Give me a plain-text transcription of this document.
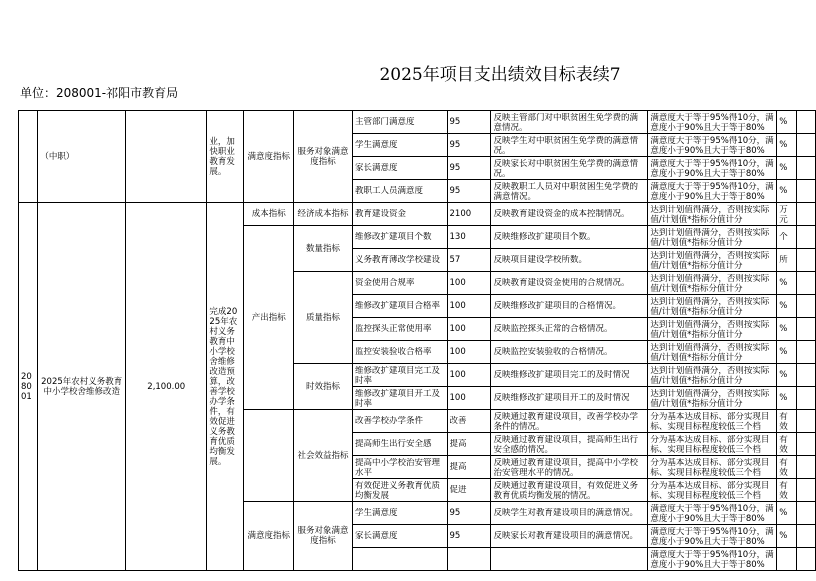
2025年项目支出绩效目标表续7
单位：208001-祁阳市教育局

	（中职）		业，加快职业教育发展。	满意度指标	服务对象满意度指标	主管部门满意度	95	反映主管部门对中职贫困生免学费的满意情况。	满意度大于等于95%得10分，满意度小于90%且大于等于80%	%	

						学生满意度	95	反映学生对中职贫困生免学费的满意情况。	满意度大于等于95%得10分，满意度小于90%且大于等于80%	%	

						家长满意度	95	反映家长对中职贫困生免学费的满意情况。	满意度大于等于95%得10分，满意度小于90%且大于等于80%	%	

						教职工人员满意度	95	反映教职工人员对中职贫困生免学费的满意情况。	满意度大于等于95%得10分，满意度小于90%且大于等于80%	%	

208001	2025年农村义务教育中小学校舍维修改造	2,100.00	完成2025年农村义务教育中小学校舍维修改造预算，改善学校办学条件，有效促进义务教育优质均衡发展。	成本指标	经济成本指标	教育建设资金	2100	反映教育建设资金的成本控制情况。	达到计划值得满分，否则按实际值/计划值*指标分值计分	万元	

				产出指标	数量指标	维修改扩建项目个数	130	反映维修改扩建项目个数。	达到计划值得满分，否则按实际值/计划值*指标分值计分	个	

						义务教育薄改学校建设	57	反映项目建设学校所数。	达到计划值得满分，否则按实际值/计划值*指标分值计分	所	

					质量指标	资金使用合规率	100	反映教育建设资金使用的合规情况。	达到计划值得满分，否则按实际值/计划值*指标分值计分	%	

						维修改扩建项目合格率	100	反映维修改扩建项目的合格情况。	达到计划值得满分，否则按实际值/计划值*指标分值计分	%	

						监控探头正常使用率	100	反映监控探头正常的合格情况。	达到计划值得满分，否则按实际值/计划值*指标分值计分	%	

						监控安装验收合格率	100	反映监控安装验收的合格情况。	达到计划值得满分，否则按实际值/计划值*指标分值计分	%	

					时效指标	维修改扩建项目完工及时率	100	反映维修改扩建项目完工的及时情况	达到计划值得满分，否则按实际值/计划值*指标分值计分	%	

						维修改扩建项目开工及时率	100	反映维修改扩建项目开工的及时情况	达到计划值得满分，否则按实际值/计划值*指标分值计分	%	

					社会效益指标	改善学校办学条件	改善	反映通过教育建设项目，改善学校办学条件的情况。	分为基本达成目标、部分实现目标、实现目标程度较低三个档	有效	

						提高师生出行安全感	提高	反映通过教育建设项目，提高师生出行安全感的情况。	分为基本达成目标、部分实现目标、实现目标程度较低三个档	有效	

						提高中小学校治安管理水平	提高	反映通过教育建设项目，提高中小学校治安管理水平的情况。	分为基本达成目标、部分实现目标、实现目标程度较低三个档	有效	

						有效促进义务教育优质均衡发展	促进	反映通过教育建设项目，有效促进义务教育优质均衡发展的情况。	分为基本达成目标、部分实现目标、实现目标程度较低三个档	有效	

				满意度指标	服务对象满意度指标	学生满意度	95	反映学生对教育建设项目的满意情况。	满意度大于等于95%得10分，满意度小于90%且大于等于80%	%	

						家长满意度	95	反映家长对教育建设项目的满意情况。	满意度大于等于95%得10分，满意度小于90%且大于等于80%	%	

									满意度大于等于95%得10分，满意度小于90%且大于等于80%		
